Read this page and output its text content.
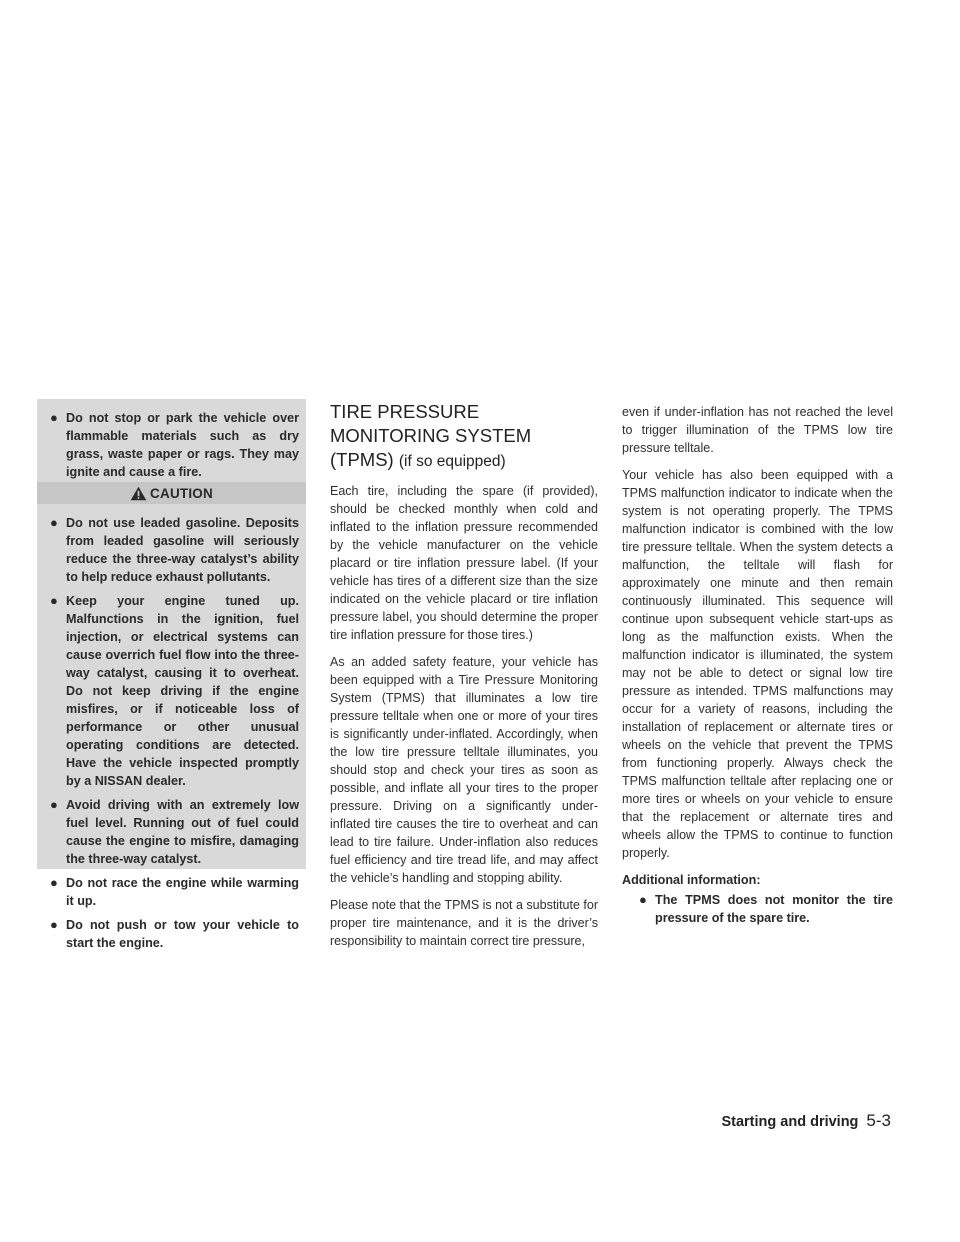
● Do not stop or park the vehicle over flammable materials such as dry grass, waste paper or rags. They may ignite and cause a fire.
CAUTION
● Do not use leaded gasoline. Deposits from leaded gasoline will seriously reduce the three-way catalyst’s ability to help reduce exhaust pollutants.
● Keep your engine tuned up. Malfunctions in the ignition, fuel injection, or electrical systems can cause overrich fuel flow into the three-way catalyst, causing it to overheat. Do not keep driving if the engine misfires, or if noticeable loss of performance or other unusual operating conditions are detected. Have the vehicle inspected promptly by a NISSAN dealer.
● Avoid driving with an extremely low fuel level. Running out of fuel could cause the engine to misfire, damaging the three-way catalyst.
● Do not race the engine while warming it up.
● Do not push or tow your vehicle to start the engine.
TIRE PRESSURE MONITORING SYSTEM (TPMS) (if so equipped)

Each tire, including the spare (if provided), should be checked monthly when cold and inflated to the inflation pressure recommended by the vehicle manufacturer on the vehicle placard or tire inflation pressure label. (If your vehicle has tires of a different size than the size indicated on the vehicle placard or tire inflation pressure label, you should determine the proper tire inflation pressure for those tires.)

As an added safety feature, your vehicle has been equipped with a Tire Pressure Monitoring System (TPMS) that illuminates a low tire pressure telltale when one or more of your tires is significantly under-inflated. Accordingly, when the low tire pressure telltale illuminates, you should stop and check your tires as soon as possible, and inflate all your tires to the proper pressure. Driving on a significantly under-inflated tire causes the tire to overheat and can lead to tire failure. Under-inflation also reduces fuel efficiency and tire tread life, and may affect the vehicle’s handling and stopping ability.

Please note that the TPMS is not a substitute for proper tire maintenance, and it is the driver’s responsibility to maintain correct tire pressure,

even if under-inflation has not reached the level to trigger illumination of the TPMS low tire pressure telltale.

Your vehicle has also been equipped with a TPMS malfunction indicator to indicate when the system is not operating properly. The TPMS malfunction indicator is combined with the low tire pressure telltale. When the system detects a malfunction, the telltale will flash for approximately one minute and then remain continuously illuminated. This sequence will continue upon subsequent vehicle start-ups as long as the malfunction exists. When the malfunction indicator is illuminated, the system may not be able to detect or signal low tire pressure as intended. TPMS malfunctions may occur for a variety of reasons, including the installation of replacement or alternate tires or wheels on the vehicle that prevent the TPMS from functioning properly. Always check the TPMS malfunction telltale after replacing one or more tires or wheels on your vehicle to ensure that the replacement or alternate tires and wheels allow the TPMS to continue to function properly.

Additional information:

● The TPMS does not monitor the tire pressure of the spare tire.
Starting and driving 5-3
